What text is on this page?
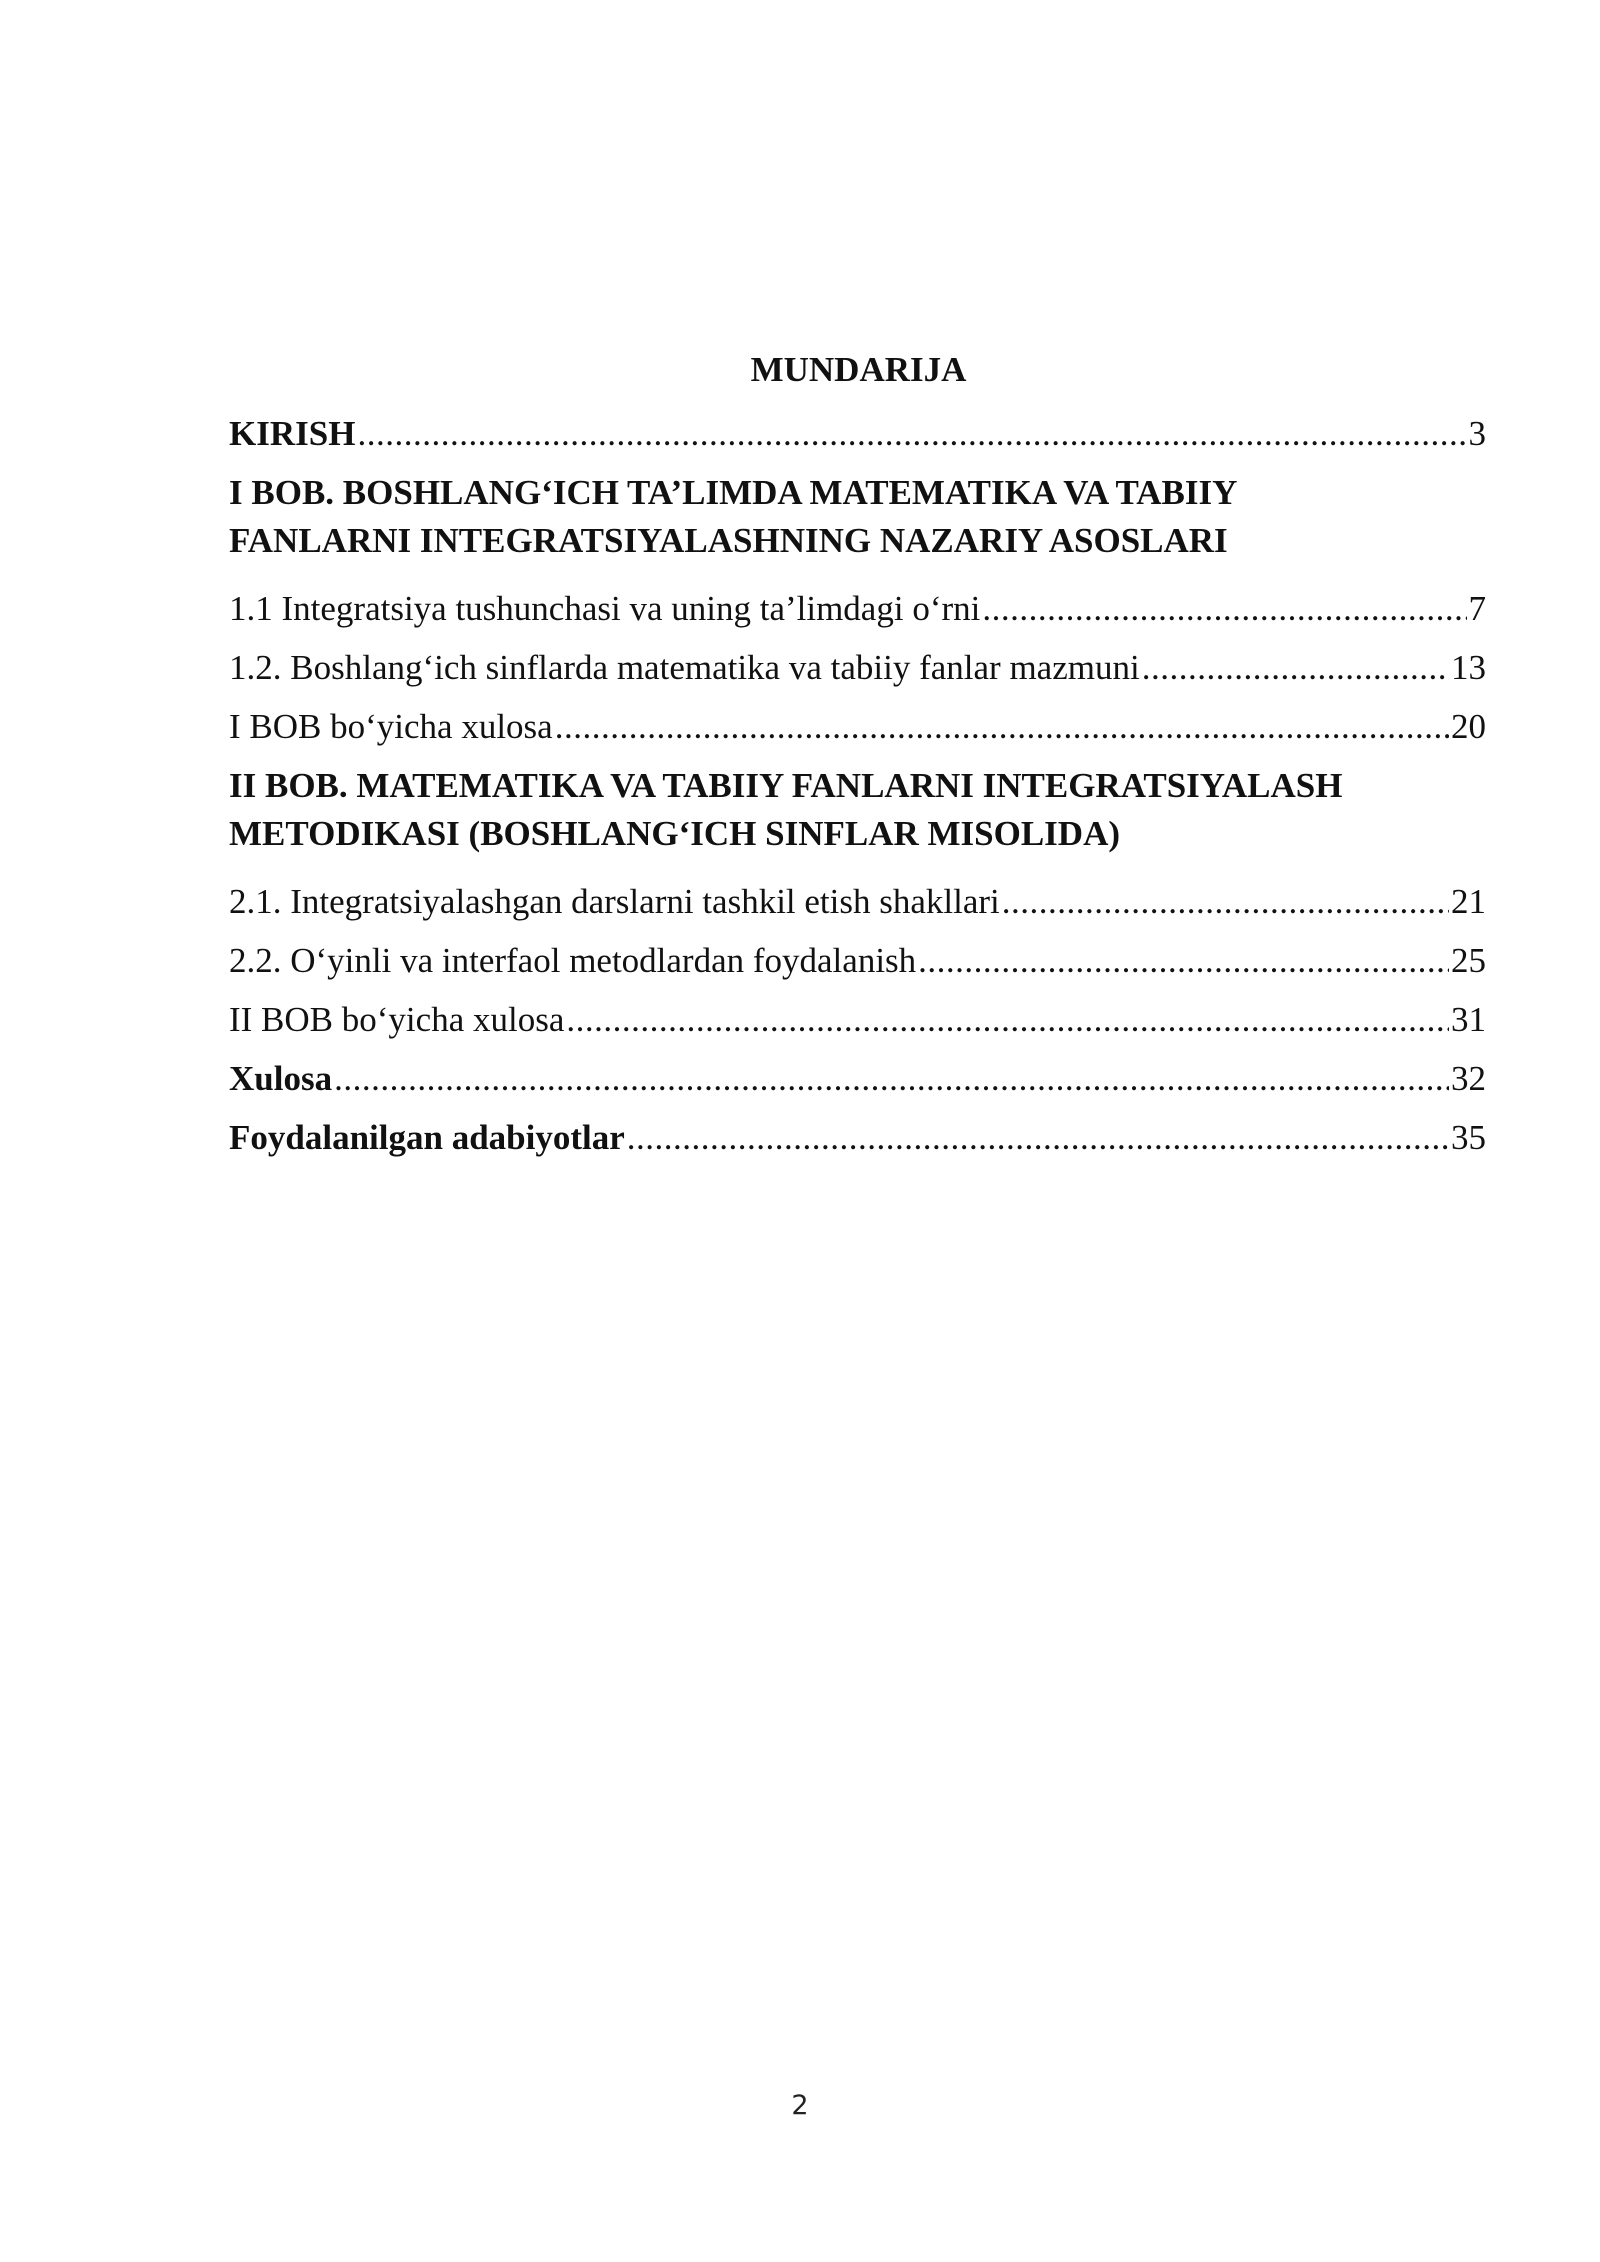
MUNDARIJA
KIRISH .....	3
I BOB. BOSHLANG‘ICH TA’LIMDA MATEMATIKA VA TABIIY
FANLARNI INTEGRATSIYALASHNING NAZARIY ASOSLARI
1.1 Integratsiya tushunchasi va uning ta’limdagi o‘rni .....	7
1.2. Boshlang‘ich sinflarda matematika va tabiiy fanlar mazmuni .....	13
I BOB bo‘yicha xulosa .....	20
II BOB. MATEMATIKA VA TABIIY FANLARNI INTEGRATSIYALASH
METODIKASI (BOSHLANG‘ICH SINFLAR MISOLIDA)
2.1. Integratsiyalashgan darslarni tashkil etish shakllari .....	21
2.2. O‘yinli va interfaol metodlardan foydalanish .....	25
II BOB bo‘yicha xulosa .....	31
Xulosa .....	32
Foydalanilgan adabiyotlar .....	35
2
